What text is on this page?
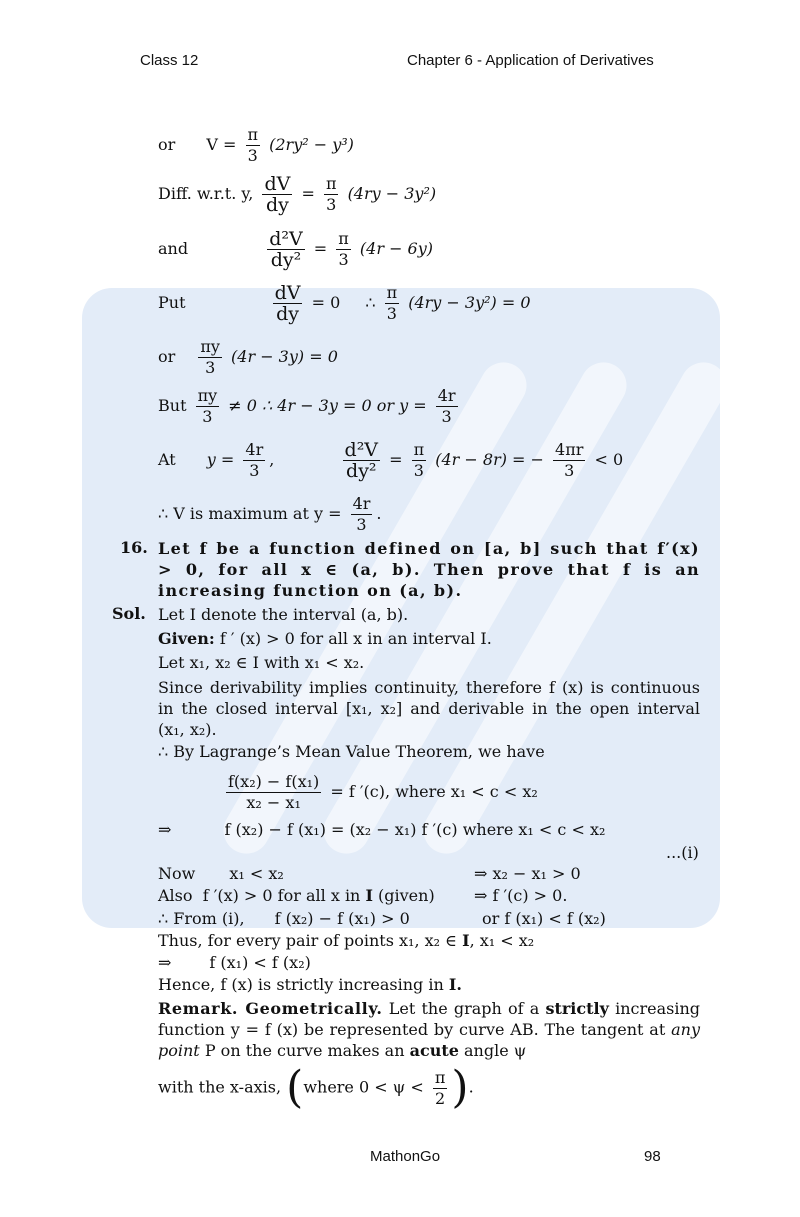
Class 12	Chapter 6 - Application of Derivatives
MathonGo	98
or $V = \frac{\pi}{3} (2ry^2 - y^3)$
Diff. w.r.t. y, $\frac{dV}{dy} = \frac{\pi}{3} (4ry - 3y^2)$
and	$\frac{\text{d²V}}{\text{dy²}} = \frac{\pi}{3} (4r - 6y)$
Put	$\frac{dV}{dy} = 0$ ∴ $\frac{\pi}{3} (4ry - 3y^2) = 0$
or $\frac{\pi y}{3} (4r - 3y) = 0$
But $\frac{\pi y}{3} \ne 0$ ∴ 4r − 3y = 0 or $y = \frac{4r}{3}$
At $y = \frac{4r}{3}$ ,	$\frac{\text{d²V}}{\text{dy²}} = \frac{\pi}{3} (4r - 8r)$ = − $\frac{4\pi r}{3} < 0$
∴ V is maximum at $y = \frac{4r}{3}$ .
16. Let f be a function defined on [a, b] such that f′(x) > 0, for all x ∈ (a, b). Then prove that f is an increasing function on (a, b).
Sol. Let I denote the interval (a, b).
Given: f ′ (x) > 0 for all x in an interval I.
Let x₁, x₂ ∈ I with x₁ < x₂.
Since derivability implies continuity, therefore f (x) is continuous in the closed interval [x₁, x₂] and derivable in the open interval (x₁, x₂).
∴ By Lagrange’s Mean Value Theorem, we have
$\frac{\text{f(x₂) − f(x₁)}}{\text{x₂ − x₁}} = f$ ′(c), where x₁ < c < x₂
⇒	f (x₂) − f (x₁) = (x₂ − x₁) f ′(c) where x₁ < c < x₂
...(i)
Now x₁ < x₂	⇒ x₂ − x₁ > 0
Also f ′(x) > 0 for all x in I (given) ⇒ f ′(c) > 0.
∴ From (i), f (x₂) − f (x₁) > 0	or f (x₁) < f (x₂)
Thus, for every pair of points x₁, x₂ ∈ I, x₁ < x₂
⇒ f (x₁) < f (x₂)
Hence, f (x) is strictly increasing in I.
Remark. Geometrically. Let the graph of a strictly increasing function y = f (x) be represented by curve AB. The tangent at any point P on the curve makes an acute angle ψ
with the x-axis, (where $0 < \psi < \frac{\pi}{2}$ ).
